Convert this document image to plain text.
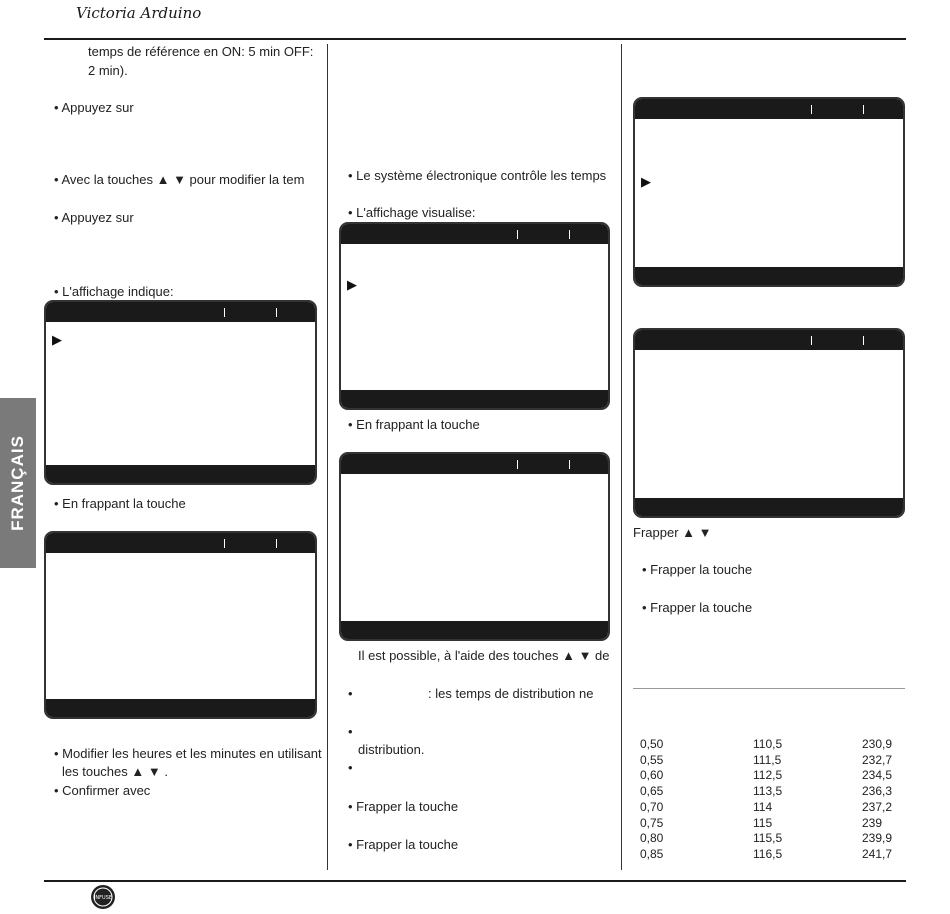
Victoria Arduino
FRANÇAIS
temps de référence en ON: 5 min OFF:
2 min).
• Appuyez sur
• Avec la touches ▲ ▼ pour modifier la tem
• Appuyez sur
• L'affichage indique:
▶
• En frappant la touche
• Modifier les heures et les minutes en utilisant
les touches ▲ ▼ .
• Confirmer avec
• Le système électronique contrôle les temps
• L'affichage visualise:
▶
• En frappant la touche
Il est possible, à l'aide des touches ▲ ▼ de
•	: les temps de distribution ne
•
distribution.
•
• Frapper la touche
• Frapper la touche
▶
Frapper ▲ ▼
• Frapper la touche
• Frapper la touche
0,50	110,5	230,9
0,55	111,5	232,7
0,60	112,5	234,5
0,65	113,5	236,3
0,70	114	237,2
0,75	115	239
0,80	115,5	239,9
0,85	116,5	241,7
INFUSE
